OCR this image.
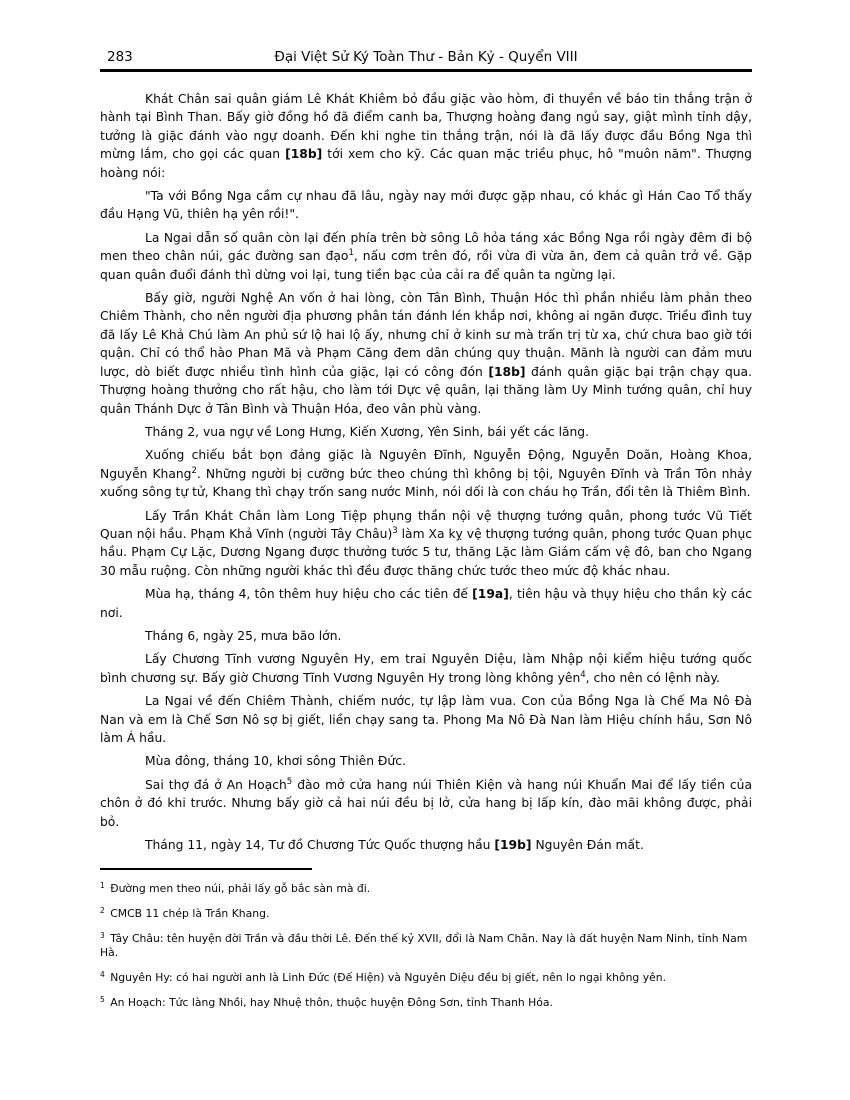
283	Đại Việt Sử Ký Toàn Thư - Bản Kỷ - Quyển VIII

Khát Chân sai quân giám Lê Khát Khiêm bỏ đầu giặc vào hòm, đi thuyền về báo tin thắng trận ở hành tại Bình Than. Bấy giờ đồng hồ đã điểm canh ba, Thượng hoàng đang ngủ say, giật mình tỉnh dậy, tưởng là giặc đánh vào ngự doanh. Đến khi nghe tin thắng trận, nói là đã lấy được đầu Bồng Nga thì mừng lắm, cho gọi các quan [18b] tới xem cho kỹ. Các quan mặc triều phục, hô "muôn năm". Thượng hoàng nói:

"Ta với Bồng Nga cầm cự nhau đã lâu, ngày nay mới được gặp nhau, có khác gì Hán Cao Tổ thấy đầu Hạng Vũ, thiên hạ yên rồi!".

La Ngai dẫn số quân còn lại đến phía trên bờ sông Lô hỏa táng xác Bồng Nga rồi ngày đêm đi bộ men theo chân núi, gác đường san đạo$^1$, nấu cơm trên đó, rồi vừa đi vừa ăn, đem cả quân trở về. Gặp quan quân đuổi đánh thì dừng voi lại, tung tiền bạc của cải ra để quân ta ngừng lại.

Bấy giờ, người Nghệ An vốn ở hai lòng, còn Tân Bình, Thuận Hóc thì phần nhiều làm phản theo Chiêm Thành, cho nên người địa phương phân tán đánh lén khắp nơi, không ai ngăn được. Triều đình tuy đã lấy Lê Khả Chú làm An phủ sứ lộ hai lộ ấy, nhưng chỉ ở kinh sư mà trấn trị từ xa, chứ chưa bao giờ tới quận. Chỉ có thổ hào Phan Mã và Phạm Căng đem dân chúng quy thuận. Mãnh là người can đảm mưu lược, dò biết được nhiều tình hình của giặc, lại có công đón [18b] đánh quân giặc bại trận chạy qua. Thượng hoàng thưởng cho rất hậu, cho làm tới Dực vệ quân, lại thăng làm Uy Minh tướng quân, chỉ huy quân Thánh Dực ở Tân Bình và Thuận Hóa, đeo vân phù vàng.

Tháng 2, vua ngự về Long Hưng, Kiến Xương, Yên Sinh, bái yết các lăng.

Xuống chiếu bắt bọn đảng giặc là Nguyên Đĩnh, Nguyễn Động, Nguyễn Doãn, Hoàng Khoa, Nguyễn Khang$^2$. Những người bị cưỡng bức theo chúng thì không bị tội, Nguyên Đĩnh và Trần Tôn nhảy xuống sông tự tử, Khang thì chạy trốn sang nước Minh, nói dối là con cháu họ Trần, đổi tên là Thiêm Bình.

Lấy Trần Khát Chân làm Long Tiệp phụng thần nội vệ thượng tướng quân, phong tước Vũ Tiết Quan nội hầu. Phạm Khả Vĩnh (người Tây Châu)$^3$ làm Xa kỵ vệ thượng tướng quân, phong tước Quan phục hầu. Phạm Cự Lặc, Dương Ngang được thưởng tước 5 tư, thăng Lặc làm Giám cấm vệ đô, ban cho Ngang 30 mẫu ruộng. Còn những người khác thì đều được thăng chức tước theo mức độ khác nhau.

Mùa hạ, tháng 4, tôn thêm huy hiệu cho các tiên đế [19a], tiên hậu và thụy hiệu cho thần kỳ các nơi.

Tháng 6, ngày 25, mưa bão lớn.

Lấy Chương Tĩnh vương Nguyên Hy, em trai Nguyên Diệu, làm Nhập nội kiểm hiệu tướng quốc bình chương sự. Bấy giờ Chương Tĩnh Vương Nguyên Hy trong lòng không yên$^4$, cho nên có lệnh này.

La Ngai về đến Chiêm Thành, chiếm nước, tự lập làm vua. Con của Bồng Nga là Chế Ma Nô Đà Nan và em là Chế Sơn Nô sợ bị giết, liền chạy sang ta. Phong Ma Nô Đà Nan làm Hiệu chính hầu, Sơn Nô làm Á hầu.

Mùa đông, tháng 10, khơi sông Thiên Đức.

Sai thợ đá ở An Hoạch$^5$ đào mở cửa hang núi Thiên Kiện và hang núi Khuẩn Mai để lấy tiền của chôn ở đó khi trước. Nhưng bấy giờ cả hai núi đều bị lở, cửa hang bị lấp kín, đào mãi không được, phải bỏ.

Tháng 11, ngày 14, Tư đồ Chương Tức Quốc thượng hầu [19b] Nguyên Đán mất.

$^1$ Đường men theo núi, phải lấy gỗ bắc sàn mà đi.
$^2$ CMCB 11 chép là Trần Khang.
$^3$ Tây Châu: tên huyện đời Trần và đầu thời Lê. Đến thế kỷ XVII, đổi là Nam Chân. Nay là đất huyện Nam Ninh, tỉnh Nam Hà.
$^4$ Nguyên Hy: có hai người anh là Linh Đức (Đế Hiện) và Nguyên Diệu đều bị giết, nên lo ngại không yên.
$^5$ An Hoạch: Tức làng Nhồi, hay Nhuệ thôn, thuộc huyện Đông Sơn, tỉnh Thanh Hóa.
